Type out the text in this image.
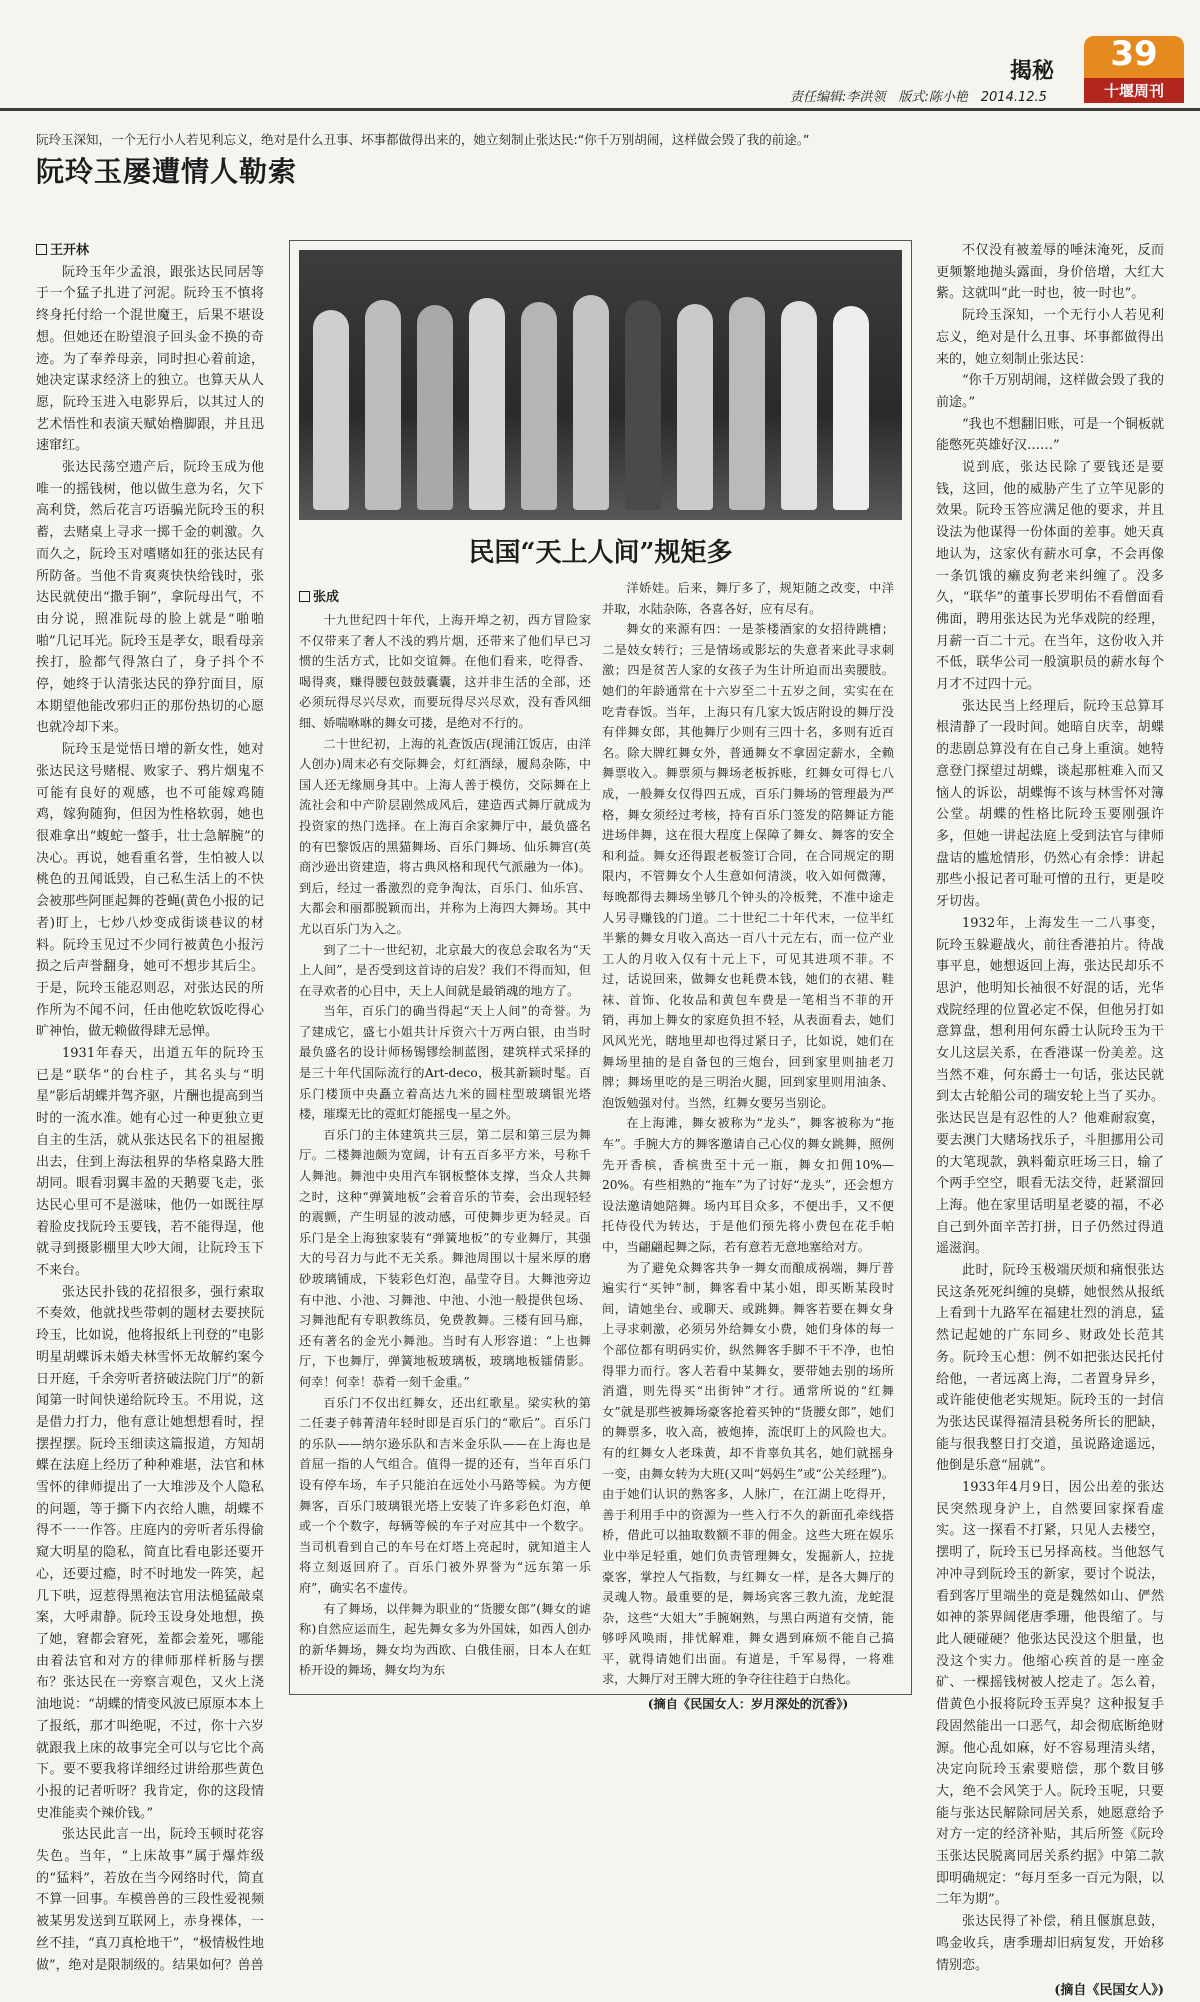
揭秘	39
十堰周刊
责任编辑:李洪领　版式:陈小艳　2014.12.5
阮玲玉深知，一个无行小人若见利忘义，绝对是什么丑事、坏事都做得出来的，她立刻制止张达民:“你千万别胡闹，这样做会毁了我的前途。”
阮玲玉屡遭情人勒索

王开林

阮玲玉年少孟浪，跟张达民同居等于一个猛子扎进了河泥。阮玲玉不慎将终身托付给一个混世魔王，后果不堪设想。但她还在盼望浪子回头金不换的奇迹。为了奉养母亲，同时担心着前途，她决定谋求经济上的独立。也算天从人愿，阮玲玉进入电影界后，以其过人的艺术悟性和表演天赋始橹脚跟，并且迅速窜红。

张达民荡空遗产后，阮玲玉成为他唯一的摇钱树，他以做生意为名，欠下高利贷，然后花言巧语骗光阮玲玉的积蓄，去赌桌上寻求一掷千金的刺激。久而久之，阮玲玉对嗜赌如狂的张达民有所防备。当他不肯爽爽快快给钱时，张达民就使出“撒手锏”，拿阮母出气，不由分说，照准阮母的脸上就是“啪啪啪”几记耳光。阮玲玉是孝女，眼看母亲挨打，脸都气得煞白了，身子抖个不停，她终于认清张达民的狰狞面目，原本期望他能改邪归正的那份热切的心愿也就冷却下来。

阮玲玉是觉悟日增的新女性，她对张达民这号赌棍、败家子、鸦片烟鬼不可能有良好的观感，也不可能嫁鸡随鸡，嫁狗随狗，但因为性格软弱，她也很难拿出“蝮蛇一螫手，壮士急解腕”的决心。再说，她看重名誉，生怕被人以桃色的丑闻诋毁，自己私生活上的不快会被那些阿匪起舞的苍蝇(黄色小报的记者)盯上，七炒八炒变成街谈巷议的材料。阮玲玉见过不少同行被黄色小报污损之后声誉翻身，她可不想步其后尘。于是，阮玲玉能忍则忍，对张达民的所作所为不闻不问，任由他吃软饭吃得心旷神怡，做无赖做得肆无忌惮。

1931年春天，出道五年的阮玲玉已是“联华”的台柱子，其名头与“明星”影后胡蝶并驾齐驱，片酬也提高到当时的一流水准。她有心过一种更独立更自主的生活，就从张达民名下的祖屋搬出去，住到上海法租界的华格臬路大胜胡同。眼看羽翼丰盈的天鹅要飞走，张达民心里可不是滋味，他仍一如既往厚着脸皮找阮玲玉要钱，若不能得逞，他就寻到摄影棚里大吵大闹，让阮玲玉下不来台。

张达民扑钱的花招很多，强行索取不奏效，他就找些带刺的题材去要挟阮玲玉，比如说，他将报纸上刊登的“电影明星胡蝶诉未婚夫林雪怀无故解约案今日开庭，千余旁听者挤破法院门厅”的新闻第一时间快递给阮玲玉。不用说，这是借力打力，他有意让她想想看时，捏摆捏摆。阮玲玉细读这篇报道，方知胡蝶在法庭上经历了种种难堪，法官和林雪怀的律师提出了一大堆涉及个人隐私的问题，等于撕下内衣给人瞧，胡蝶不得不一一作答。庄庭内的旁听者乐得偷窥大明星的隐私，简直比看电影还要开心，还要过瘾，时不时地发一阵笑，起几下哄，逗惹得黑袍法官用法槌猛敲桌案，大呼肃静。阮玲玉设身处地想，换了她，窘都会窘死，羞都会羞死，哪能由着法官和对方的律师那样析肠与摆布？张达民在一旁察言观色，又火上浇油地说：“胡蝶的情变风波已原原本本上了报纸，那才叫绝呢，不过，你十六岁就跟我上床的故事完全可以与它比个高下。要不要我将详细经过讲给那些黄色小报的记者听呀？我肯定，你的这段情史准能卖个辣价钱。”

张达民此言一出，阮玲玉顿时花容失色。当年，“上床故事”属于爆炸级的“猛料”，若放在当今网络时代，简直不算一回事。车模兽兽的三段性爱视频被某男发送到互联网上，赤身裸体，一丝不挂，“真刀真枪地干”，“极情极性地做”，绝对是限制级的。结果如何？兽兽

民国“天上人间”规矩多
张成

十九世纪四十年代，上海开埠之初，西方冒险家不仅带来了奢人不浅的鸦片烟，还带来了他们早已习惯的生活方式，比如交谊舞。在他们看来，吃得香、喝得爽，赚得腰包鼓鼓囊囊，这并非生活的全部，还必须玩得尽兴尽欢，而要玩得尽兴尽欢，没有香风细细、娇喘咻咻的舞女可搂，是绝对不行的。

二十世纪初，上海的礼查饭店(现浦江饭店，由洋人创办)周末必有交际舞会，灯红酒绿，履舄杂陈，中国人还无缘厕身其中。上海人善于模仿，交际舞在上流社会和中产阶层剧然成风后，建造西式舞厅就成为投资家的热门选择。在上海百余家舞厅中，最负盛名的有巴黎饭店的黑猫舞场、百乐门舞场、仙乐舞宫(英商沙逊出资建造，将古典风格和现代气派融为一体)。到后，经过一番激烈的竞争淘汰，百乐门、仙乐宫、大都会和丽都脱颖而出，并称为上海四大舞场。其中尤以百乐门为入之。

到了二十一世纪初，北京最大的夜总会取名为“天上人间”，是否受到这首诗的启发？我们不得而知，但在寻欢者的心目中，天上人间就是最销魂的地方了。

当年，百乐门的确当得起“天上人间”的奇誉。为了建成它，盛七小姐共计斥资六十万两白银，由当时最负盛名的设计师杨锡镠绘制蓝图，建筑样式采择的是三十年代国际流行的Art-deco，极其新颖时髦。百乐门楼顶中央矗立着高达九米的圆柱型玻璃银光塔楼，璀璨无比的霓虹灯能摇曳一星之外。

百乐门的主体建筑共三层，第二层和第三层为舞厅。二楼舞池颇为宽阔，计有五百多平方米，号称千人舞池。舞池中央用汽车钢板整体支撑，当众人共舞之时，这种“弹簧地板”会着音乐的节奏，会出现轻轻的震颤，产生明显的波动感，可使舞步更为轻灵。百乐门是全上海独家装有“弹簧地板”的专业舞厅，其强大的号召力与此不无关系。舞池周围以十屋米厚的磨砂玻璃铺成，下装彩色灯泡，晶莹夺目。大舞池旁边有中池、小池、习舞池、中池、小池一般提供包场、习舞池配有专职教练员，免费教舞。三楼有回马廊，还有著名的金光小舞池。当时有人形容道：“上也舞厅，下也舞厅，弹簧地板玻璃板，玻璃地板镭倩影。何幸！何幸！恭肴一刻千金重。”

百乐门不仅出红舞女，还出红歌星。梁实秋的第二任妻子韩菁清年轻时即是百乐门的“歌后”。百乐门的乐队——纳尔逊乐队和吉米金乐队——在上海也是首屈一指的人气组合。值得一提的还有，当年百乐门设有停车场，车子只能泊在远处小马路等候。为方便舞客，百乐门玻璃银光塔上安装了许多彩色灯泡，单或一个个数字，每辆等候的车子对应其中一个数字。当司机看到自己的车号在灯塔上亮起时，就知道主人将立刻返回府了。百乐门被外界誉为“远东第一乐府”，确实名不虚传。

有了舞场，以伴舞为职业的“货腰女郎”(舞女的谑称)自然应运而生，起先舞女多为外国妹，如西人创办的新华舞场，舞女均为西欧、白俄佳丽，日本人在虹桥开设的舞场，舞女均为东

洋娇娃。后来，舞厅多了，规矩随之改变，中洋并取，水陆杂陈，各喜各好，应有尽有。

舞女的来源有四：一是茶楼酒家的女招待跳槽；二是妓女转行；三是情场或影坛的失意者来此寻求刺激；四是贫苦人家的女孩子为生计所迫而出卖腰肢。她们的年龄通常在十六岁至二十五岁之间，实实在在吃青春饭。当年，上海只有几家大饭店附设的舞厅没有伴舞女郎，其他舞厅少则有三四十名，多则有近百名。除大牌红舞女外，普通舞女不拿固定薪水，全赖舞票收入。舞票须与舞场老板拆账，红舞女可得七八成，一般舞女仅得四五成，百乐门舞场的管理最为严格，舞女须经过考核，持有百乐门签发的陪舞证方能进场伴舞，这在很大程度上保障了舞女、舞客的安全和利益。舞女还得跟老板签订合同，在合同规定的期限内，不管舞女个人生意如何清淡，收入如何微薄，每晚都得去舞场坐够几个钟头的冷板凳，不准中途走人另寻赚钱的门道。二十世纪二十年代末，一位半红半紫的舞女月收入高达一百八十元左右，而一位产业工人的月收入仅有十元上下，可见其进项不菲。不过，话说回来，做舞女也耗费本钱，她们的衣裙、鞋袜、首饰、化妆品和黄包车费是一笔相当不菲的开销，再加上舞女的家庭负担不轻，从表面看去，她们风风光光，瞎地里却也得过紧日子，比如说，她们在舞场里抽的是自备包的三炮台，回到家里则抽老刀牌；舞场里吃的是三明治火腿，回到家里则用油条、泡饭勉强对付。当然，红舞女要另当别论。

在上海滩，舞女被称为“龙头”，舞客被称为“拖车”。手腕大方的舞客邀请自己心仪的舞女跳舞，照例先开香槟，香槟贵至十元一瓶，舞女扣佣10%—20%。有些相熟的“拖车”为了讨好“龙头”，还会想方设法邀请她陪舞。场内耳目众多，不便出手，又不便托侍役代为转达，于是他们预先将小费包在花手帕中，当翩翩起舞之际，若有意若无意地塞给对方。

为了避免众舞客共争一舞女而酿成祸端，舞厅普遍实行“买钟”制，舞客看中某小姐，即买断某段时间，请她坐台、或聊天、或跳舞。舞客若要在舞女身上寻求刺激，必须另外给舞女小费，她们身体的每一个部位都有明码实价，纵然舞客手脚不干不净，也怕得罪力而行。客人若看中某舞女，要带她去别的场所消遣，则先得买“出街钟”才行。通常所说的“红舞女”就是那些被舞场豪客抢着买钟的“货腰女郎”，她们的舞票多，收入高，被炮捧，流氓盯上的风险也大。有的红舞女人老珠黄，却不肯辜负其名，她们就摇身一变，由舞女转为大班(又叫“妈妈生”或“公关经理”)。由于她们认识的熟客多，人脉广，在江湖上吃得开，善于利用手中的资源为一些入行不久的新面孔牵线搭桥，借此可以抽取数额不菲的佣金。这些大班在娱乐业中举足轻重，她们负责管理舞女，发掘新人，拉拢豪客，掌控人气指数，与红舞女一样，是各大舞厅的灵魂人物。最重要的是，舞场宾客三教九流，龙蛇混杂，这些“大姐大”手腕娴熟，与黑白两道有交情，能够呼风唤雨，排忧解难，舞女遇到麻烦不能自己搞平，就得请她们出面。有道是，千军易得，一将难求，大舞厅对王牌大班的争夺往往趋于白热化。

(摘自《民国女人：岁月深处的沉香》)

不仅没有被羞辱的唾沫淹死，反而更频繁地抛头露面，身价倍增，大红大紫。这就叫“此一时也，彼一时也”。

阮玲玉深知，一个无行小人若见利忘义，绝对是什么丑事、坏事都做得出来的，她立刻制止张达民：

“你千万别胡闹，这样做会毁了我的前途。”

“我也不想翻旧账，可是一个铜板就能憋死英雄好汉……”

说到底，张达民除了要钱还是要钱，这回，他的威胁产生了立竿见影的效果。阮玲玉答应满足他的要求，并且设法为他谋得一份体面的差事。她天真地认为，这家伙有薪水可拿，不会再像一条饥饿的癞皮狗老来纠缠了。没多久，“联华”的董事长罗明佑不看僧面看佛面，聘用张达民为光华戏院的经理，月薪一百二十元。在当年，这份收入并不低，联华公司一般演职员的薪水每个月才不过四十元。

张达民当上经理后，阮玲玉总算耳根清静了一段时间。她暗自庆幸，胡蝶的悲剧总算没有在自己身上重演。她特意登门探望过胡蝶，谈起那桩难入而又恼人的诉讼，胡蝶悔不该与林雪怀对簿公堂。胡蝶的性格比阮玲玉要刚强许多，但她一讲起法庭上受到法官与律师盘诘的尴尬情形，仍然心有余悸：讲起那些小报记者可耻可憎的丑行，更是咬牙切齿。

1932年，上海发生一二八事变，阮玲玉躲避战火，前往香港拍片。待战事平息，她想返回上海，张达民却乐不思沪，他明知长袖很不好混的话，光华戏院经理的位置必定不保，但他另打如意算盘，想利用何东爵士认阮玲玉为干女儿这层关系，在香港谋一份美差。这当然不难，何东爵士一句话，张达民就到太古轮船公司的瑞安轮上当了买办。张达民岂是有忍性的人？他难耐寂寞，要去澳门大赌场找乐子，斗胆挪用公司的大笔现款，孰料葡京旺场三日，输了个两手空空，眼看无法交待，赶紧溜回上海。他在家里话明星老婆的福，不必自己到外面辛苦打拼，日子仍然过得逍遥滋润。

此时，阮玲玉极端厌烦和痛恨张达民这条死死纠缠的臭蟒，她恨然从报纸上看到十九路军在福建壮烈的消息，猛然记起她的广东同乡、财政处长范其务。阮玲玉心想：例不如把张达民托付给他，一者远离上海，二者置身异乡，或许能使他老实规矩。阮玲玉的一封信为张达民谋得福清县税务所长的肥缺，能与很我整日打交道，虽说路途遥远，他倒是乐意“屈就”。

1933年4月9日，因公出差的张达民突然现身沪上，自然要回家探看虚实。这一探看不打紧，只见人去楼空，摆明了，阮玲玉已另择高枝。当他怒气冲冲寻到阮玲玉的新家，要讨个说法，看到客厅里端坐的竟是魏然如山、俨然如神的茶界阔佬唐季珊，他畏缩了。与此人硬碰硬？他张达民没这个胆量，也没这个实力。他缩心疾首的是一座金矿、一棵摇钱树被人挖走了。怎么着，借黄色小报将阮玲玉弄臭？这种报复手段固然能出一口恶气，却会彻底断绝财源。他心乱如麻，好不容易理清头绪，决定向阮玲玉索要赔偿，那个数目够大，绝不会风笑于人。阮玲玉呢，只要能与张达民解除同居关系，她愿意给予对方一定的经济补贴，其后所签《阮玲玉张达民脱离同居关系约据》中第二款即明确规定：“每月至多一百元为限，以二年为期”。

张达民得了补偿，稍且偃旗息鼓，鸣金收兵，唐季珊却旧病复发，开始移情别恋。

(摘自《民国女人》)
